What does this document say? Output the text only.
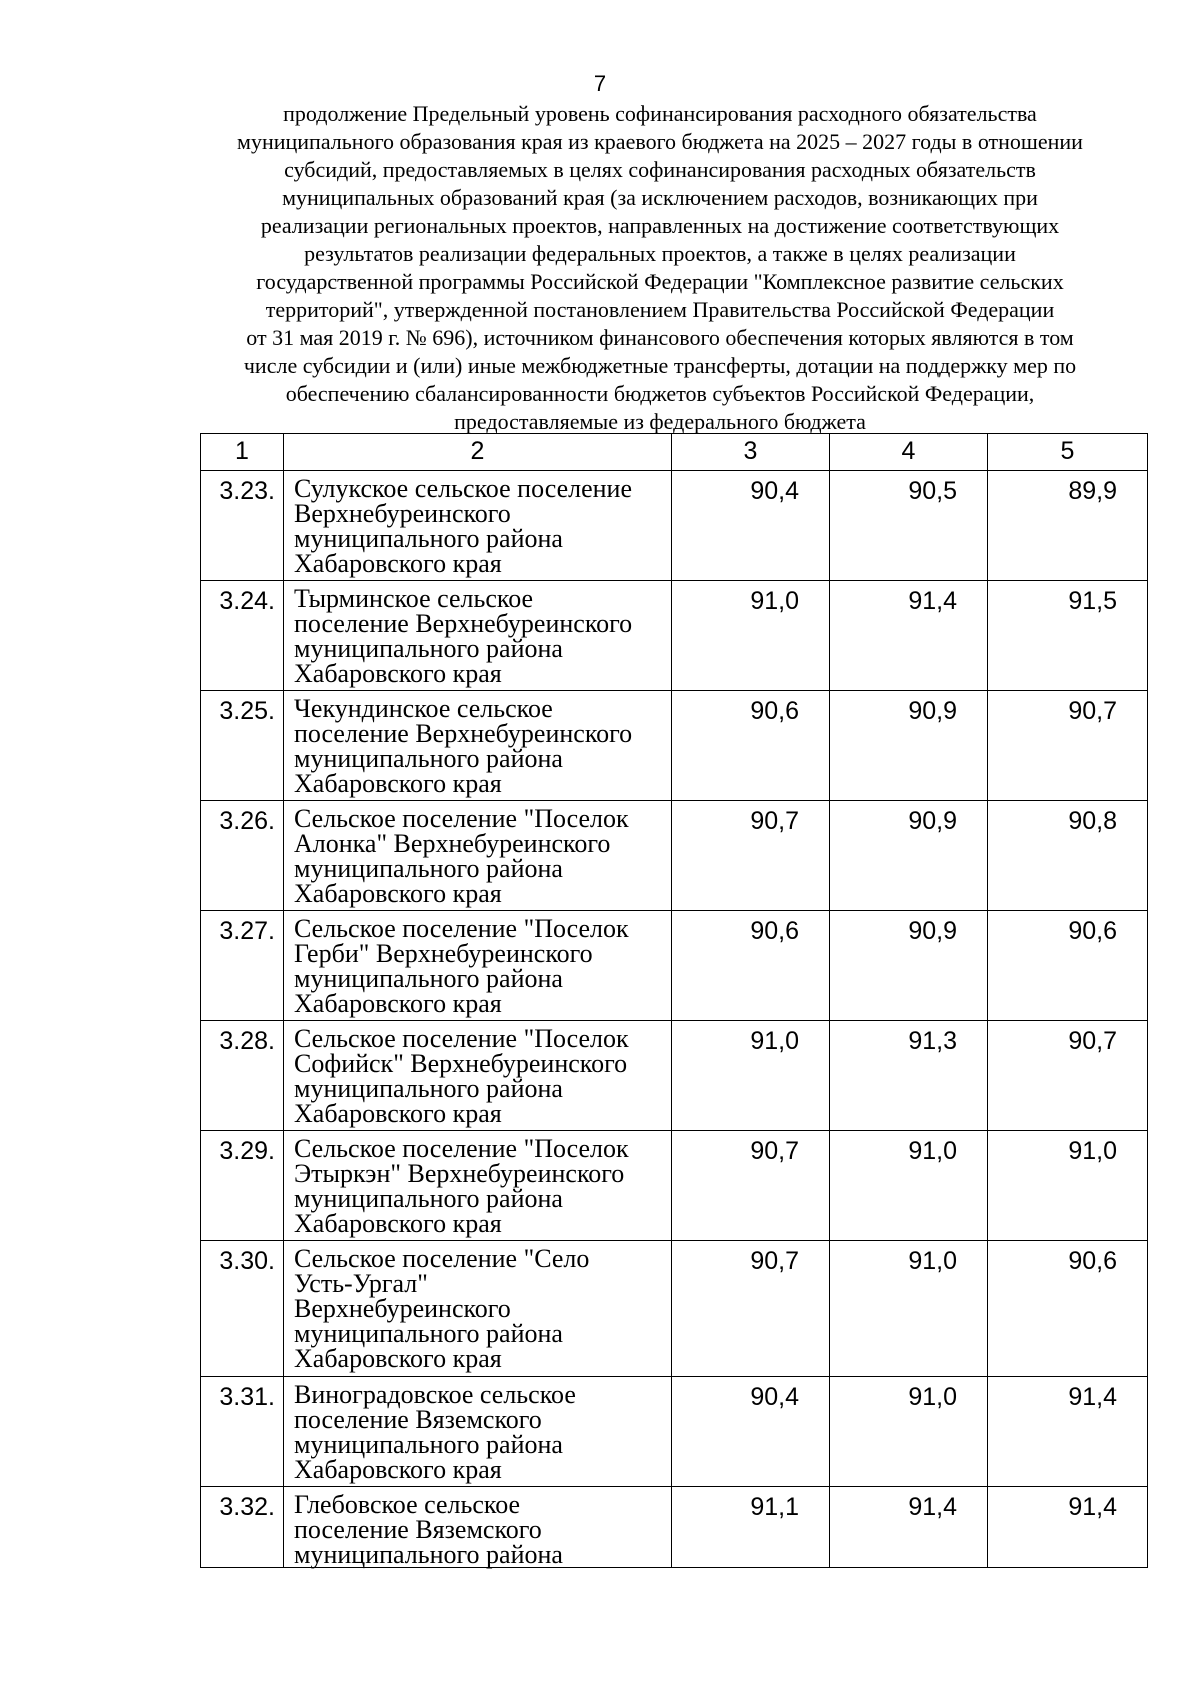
7
продолжение Предельный уровень софинансирования расходного обязательства
муниципального образования края из краевого бюджета на 2025 – 2027 годы в отношении
субсидий, предоставляемых в целях софинансирования расходных обязательств
муниципальных образований края (за исключением расходов, возникающих при
реализации региональных проектов, направленных на достижение соответствующих
результатов реализации федеральных проектов, а также в целях реализации
государственной программы Российской Федерации "Комплексное развитие сельских
территорий", утвержденной постановлением Правительства Российской Федерации
от 31 мая 2019 г. № 696), источником финансового обеспечения которых являются в том
числе субсидии и (или) иные межбюджетные трансферты, дотации на поддержку мер по
обеспечению сбалансированности бюджетов субъектов Российской Федерации,
предоставляемые из федерального бюджета
1	2	3	4	5
3.23.	Сулукское сельское поселение
Верхнебуреинского
муниципального района
Хабаровского края	90,4	90,5	89,9
3.24.	Тырминское сельское
поселение Верхнебуреинского
муниципального района
Хабаровского края	91,0	91,4	91,5
3.25.	Чекундинское сельское
поселение Верхнебуреинского
муниципального района
Хабаровского края	90,6	90,9	90,7
3.26.	Сельское поселение "Поселок
Алонка" Верхнебуреинского
муниципального района
Хабаровского края	90,7	90,9	90,8
3.27.	Сельское поселение "Поселок
Герби" Верхнебуреинского
муниципального района
Хабаровского края	90,6	90,9	90,6
3.28.	Сельское поселение "Поселок
Софийск" Верхнебуреинского
муниципального района
Хабаровского края	91,0	91,3	90,7
3.29.	Сельское поселение "Поселок
Этыркэн" Верхнебуреинского
муниципального района
Хабаровского края	90,7	91,0	91,0
3.30.	Сельское поселение "Село
Усть-Ургал"
Верхнебуреинского
муниципального района
Хабаровского края	90,7	91,0	90,6
3.31.	Виноградовское сельское
поселение Вяземского
муниципального района
Хабаровского края	90,4	91,0	91,4
3.32.	Глебовское сельское
поселение Вяземского
муниципального района	91,1	91,4	91,4
